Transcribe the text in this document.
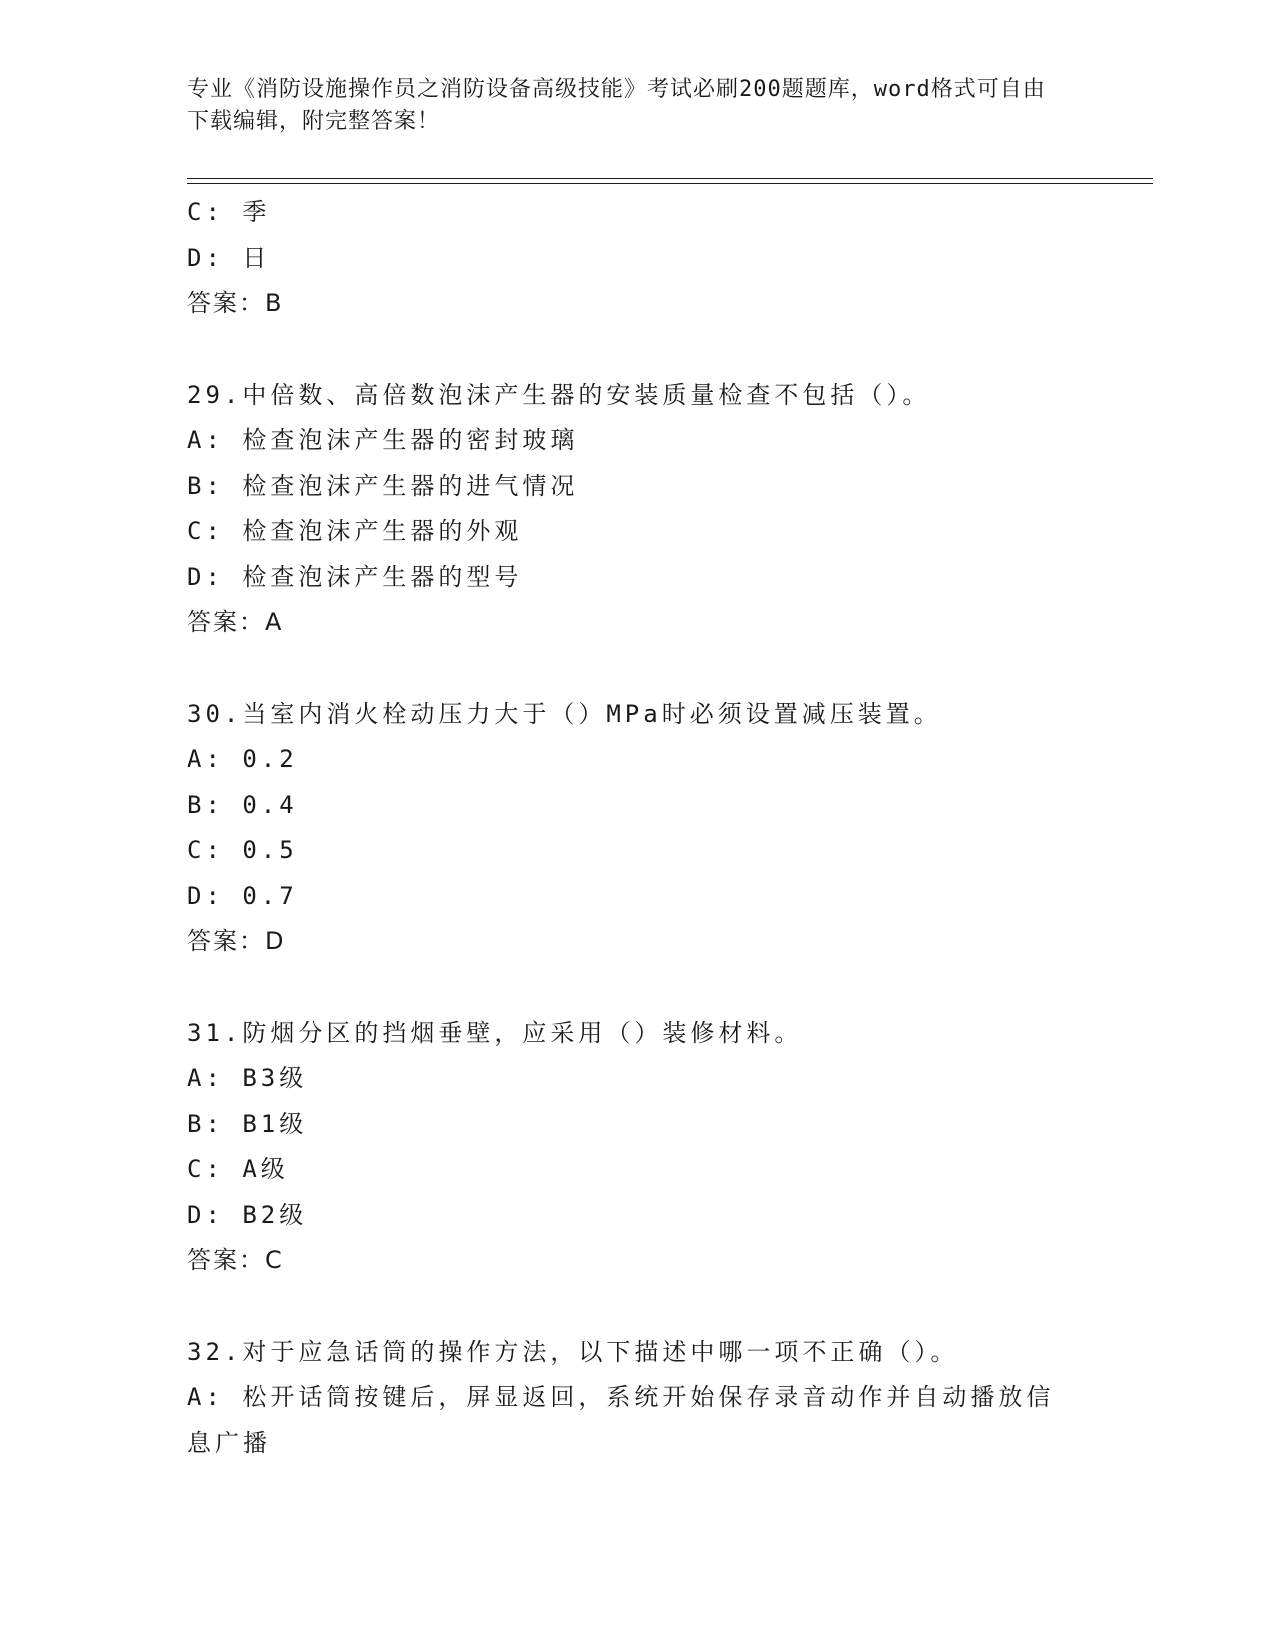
专业《消防设施操作员之消防设备高级技能》考试必刷200题题库，word格式可自由下载编辑，附完整答案！
C: 季
D: 日
答案：B
29.中倍数、高倍数泡沫产生器的安装质量检查不包括（）。
A: 检查泡沫产生器的密封玻璃
B: 检查泡沫产生器的进气情况
C: 检查泡沫产生器的外观
D: 检查泡沫产生器的型号
答案：A
30.当室内消火栓动压力大于（）MPa时必须设置减压装置。
A: 0.2
B: 0.4
C: 0.5
D: 0.7
答案：D
31.防烟分区的挡烟垂壁，应采用（）装修材料。
A: B3级
B: B1级
C: A级
D: B2级
答案：C
32.对于应急话筒的操作方法，以下描述中哪一项不正确（）。
A: 松开话筒按键后，屏显返回，系统开始保存录音动作并自动播放信息广播
